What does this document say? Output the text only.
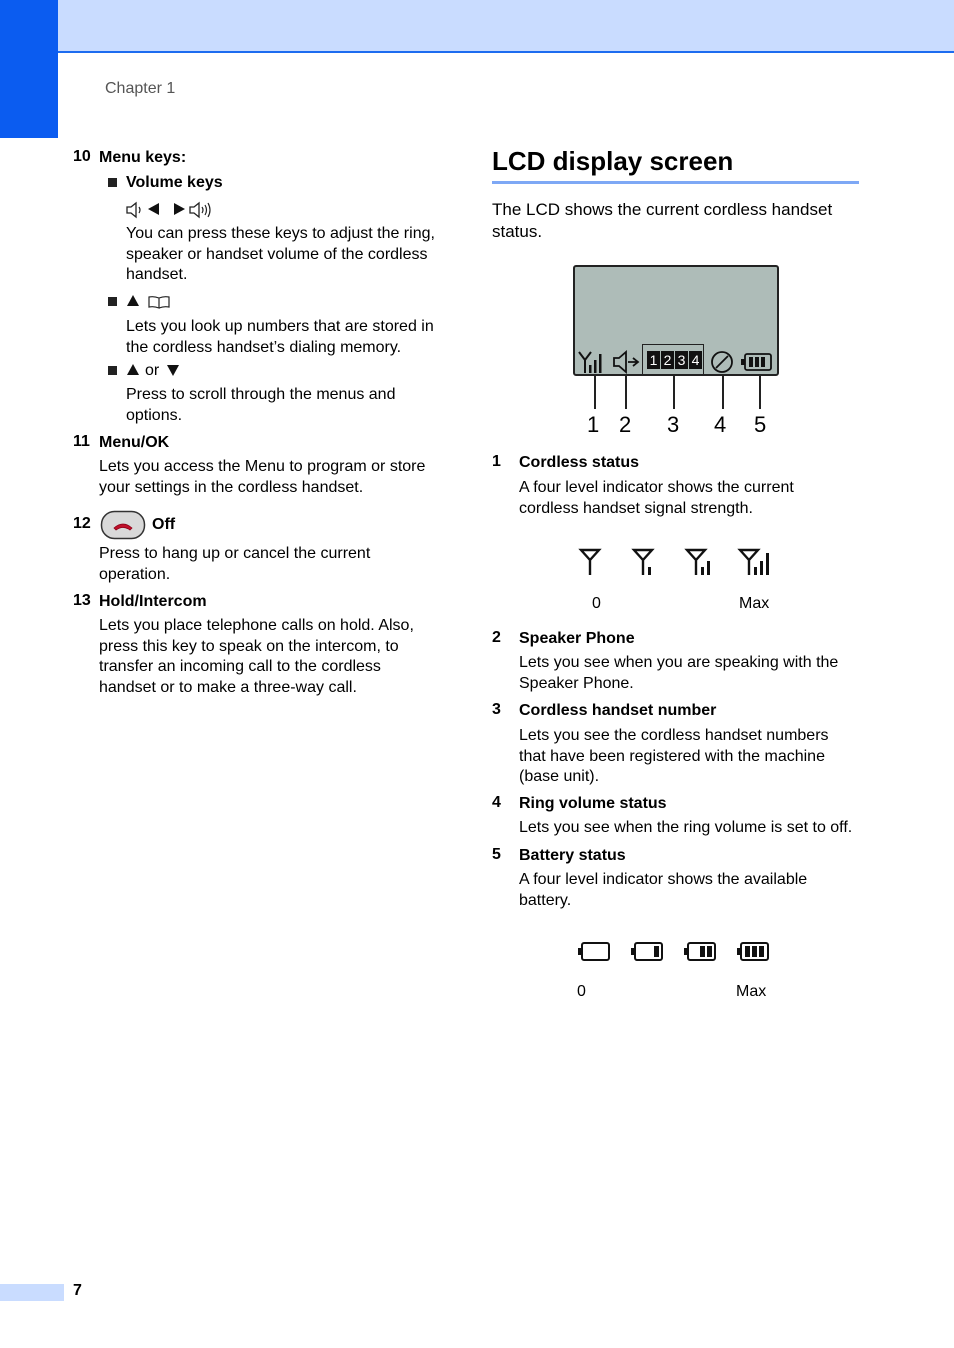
Chapter 1
7
10 Menu keys:
Volume keys
You can press these keys to adjust the ring,
speaker or handset volume of the cordless
handset.
Lets you look up numbers that are stored in
the cordless handset’s dialing memory.
or
Press to scroll through the menus and
options.
11 Menu/OK
Lets you access the Menu to program or store
your settings in the cordless handset.
12	Off
Press to hang up or cancel the current
operation.
13 Hold/Intercom
Lets you place telephone calls on hold. Also,
press this key to speak on the intercom, to
transfer an incoming call to the cordless
handset or to make a three-way call.
LCD display screen
The LCD shows the current cordless handset
status.
1 2 3 4
1 2 3 4 5
1 Cordless status
A four level indicator shows the current
cordless handset signal strength.
0	Max
2 Speaker Phone
Lets you see when you are speaking with the
Speaker Phone.
3 Cordless handset number
Lets you see the cordless handset numbers
that have been registered with the machine
(base unit).
4 Ring volume status
Lets you see when the ring volume is set to off.
5 Battery status
A four level indicator shows the available
battery.
0	Max
